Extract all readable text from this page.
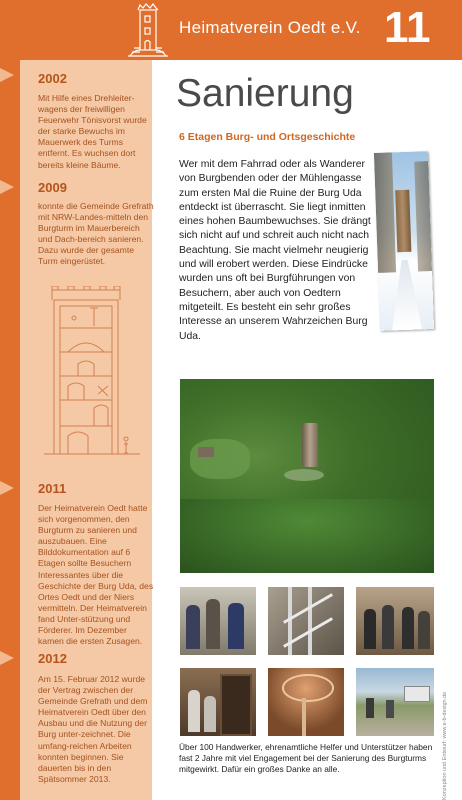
Heimatverein Oedt e.V. 11
2002
Mit Hilfe eines Drehleiter-wagens der freiwilligen Feuerwehr Tönisvorst wurde der starke Bewuchs im Mauerwerk des Turms entfernt. Es wuchsen dort bereits kleine Bäume.
2009
konnte die Gemeinde Grefrath mit NRW-Landes-mitteln den Burgturm im Mauerbereich und Dach-bereich sanieren. Dazu wurde der gesamte Turm eingerüstet.
2011
Der Heimatverein Oedt hatte sich vorgenommen, den Burgturm zu sanieren und auszubauen. Eine Bilddokumentation auf 6 Etagen sollte Besuchern Interessantes über die Geschichte der Burg Uda, des Ortes Oedt und der Niers vermitteln. Der Heimatverein fand Unter-stützung und Förderer. Im Dezember kamen die ersten Zusagen.
2012
Am 15. Februar 2012 wurde der Vertrag zwischen der Gemeinde Grefrath und dem Heimatverein Oedt über den Ausbau und die Nutzung der Burg unter-zeichnet. Die umfang-reichen Arbeiten konnten beginnen. Sie dauerten bis in den Spätsommer 2013.
Sanierung
6 Etagen Burg- und Ortsgeschichte
Wer mit dem Fahrrad oder als Wanderer von Burgbenden oder der Mühlengasse zum ersten Mal die Ruine der Burg Uda entdeckt ist überrascht. Sie liegt inmitten eines hohen Baumbewuchses. Sie drängt sich nicht auf und schreit auch nicht nach Beachtung. Sie macht vielmehr neugierig und will erobert werden. Diese Eindrücke wurden uns oft bei Burgführungen von Besuchern, aber auch von Oedtern mitgeteilt. Es besteht ein sehr großes Interesse an unserem Wahrzeichen Burg Uda.
Über 100 Handwerker, ehrenamtliche Helfer und Unterstützer haben fast 2 Jahre mit viel Engagement bei der Sanierung des Burgturms mitgewirkt. Dafür ein großes Danke an alle.	Konzeption und Entwurf: www.e-b-design.de
